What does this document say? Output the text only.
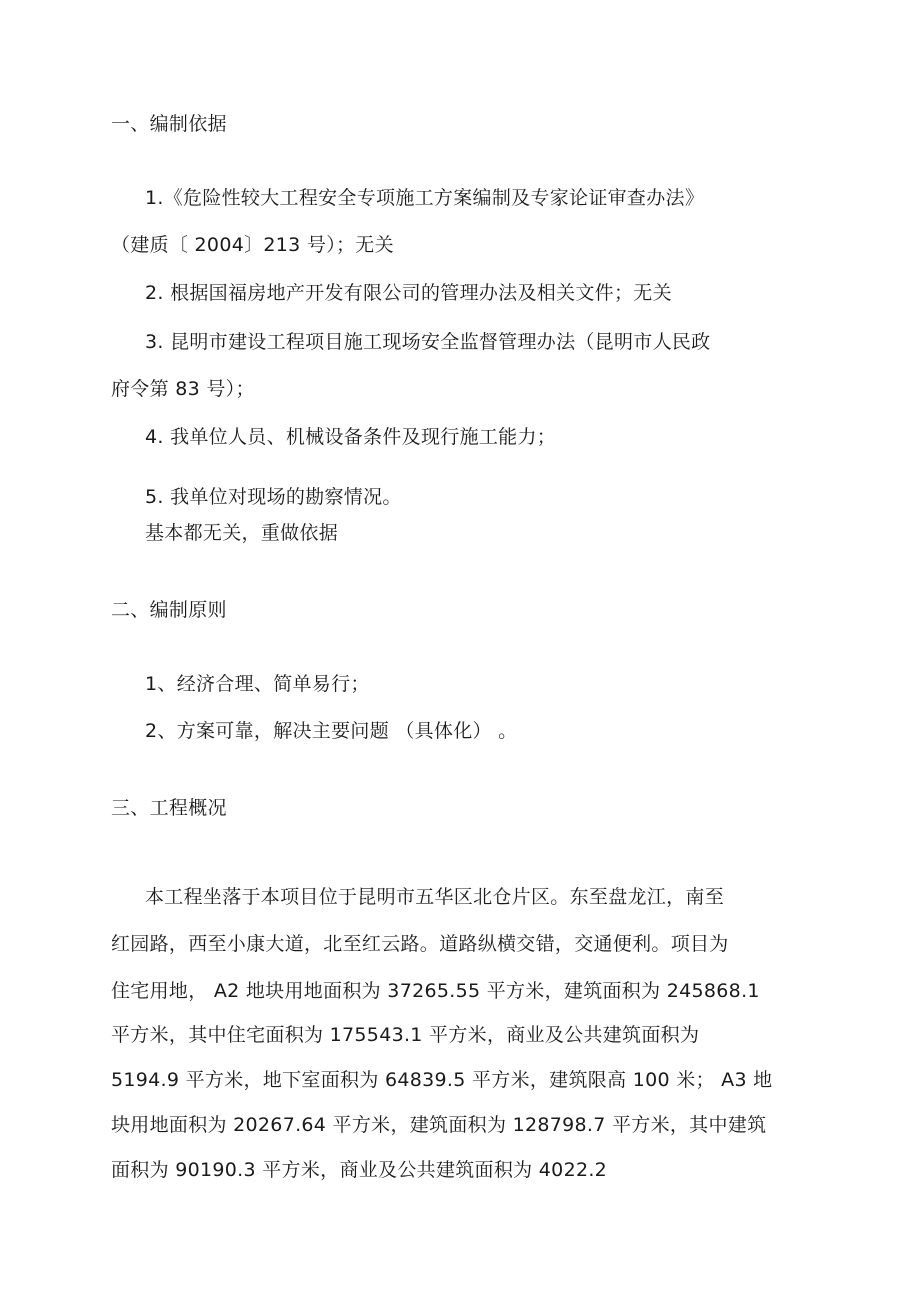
一、编制依据
1.《危险性较大工程安全专项施工方案编制及专家论证审查办法》
（建质〔 2004〕213 号）；无关
2. 根据国福房地产开发有限公司的管理办法及相关文件；无关
3. 昆明市建设工程项目施工现场安全监督管理办法（昆明市人民政
府令第 83 号）；
4. 我单位人员、机械设备条件及现行施工能力；
5. 我单位对现场的勘察情况。
基本都无关，重做依据
二、编制原则
1、经济合理、简单易行；
2、方案可靠，解决主要问题 （具体化） 。
三、工程概况
本工程坐落于本项目位于昆明市五华区北仓片区。东至盘龙江，南至
红园路，西至小康大道，北至红云路。道路纵横交错，交通便利。项目为
住宅用地， A2 地块用地面积为 37265.55 平方米，建筑面积为 245868.1
平方米，其中住宅面积为 175543.1 平方米，商业及公共建筑面积为
5194.9 平方米，地下室面积为 64839.5 平方米，建筑限高 100 米； A3 地
块用地面积为 20267.64 平方米，建筑面积为 128798.7 平方米，其中建筑
面积为 90190.3 平方米，商业及公共建筑面积为 4022.2
